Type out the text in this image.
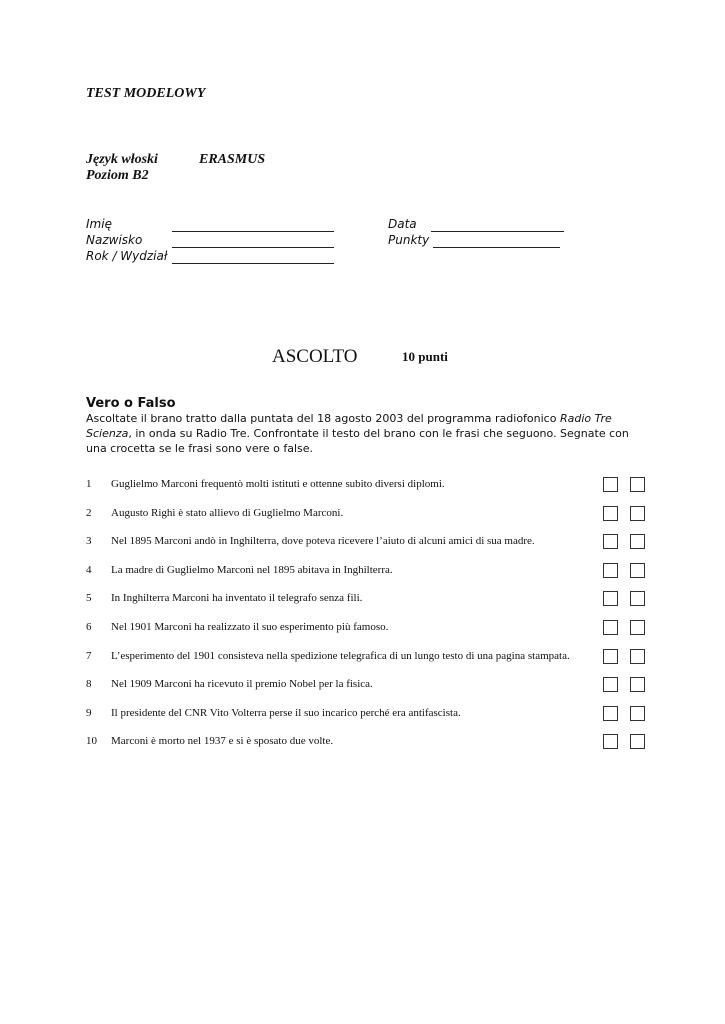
TEST MODELOWY
Język włoski	ERASMUS
Poziom B2
Imię
Nazwisko
Rok / Wydział
Data
Punkty
ASCOLTO	10 punti
Vero o Falso
Ascoltate il brano tratto dalla puntata del 18 agosto 2003 del programma radiofonico Radio Tre Scienza, in onda su Radio Tre. Confrontate il testo del brano con le frasi che seguono. Segnate con una crocetta se le frasi sono vere o false.
1 Guglielmo Marconi frequentò molti istituti e ottenne subito diversi diplomi.
2 Augusto Righi è stato allievo di Guglielmo Marconi.
3 Nel 1895 Marconi andò in Inghilterra, dove poteva ricevere l’aiuto di alcuni amici di sua madre.
4 La madre di Guglielmo Marconi nel 1895 abitava in Inghilterra.
5 In Inghilterra Marconi ha inventato il telegrafo senza fili.
6 Nel 1901 Marconi ha realizzato il suo esperimento più famoso.
7 L’esperimento del 1901 consisteva nella spedizione telegrafica di un lungo testo di una pagina stampata.
8 Nel 1909 Marconi ha ricevuto il premio Nobel per la fisica.
9 Il presidente del CNR Vito Volterra perse il suo incarico perché era antifascista.
10 Marconi è morto nel 1937 e si è sposato due volte.
